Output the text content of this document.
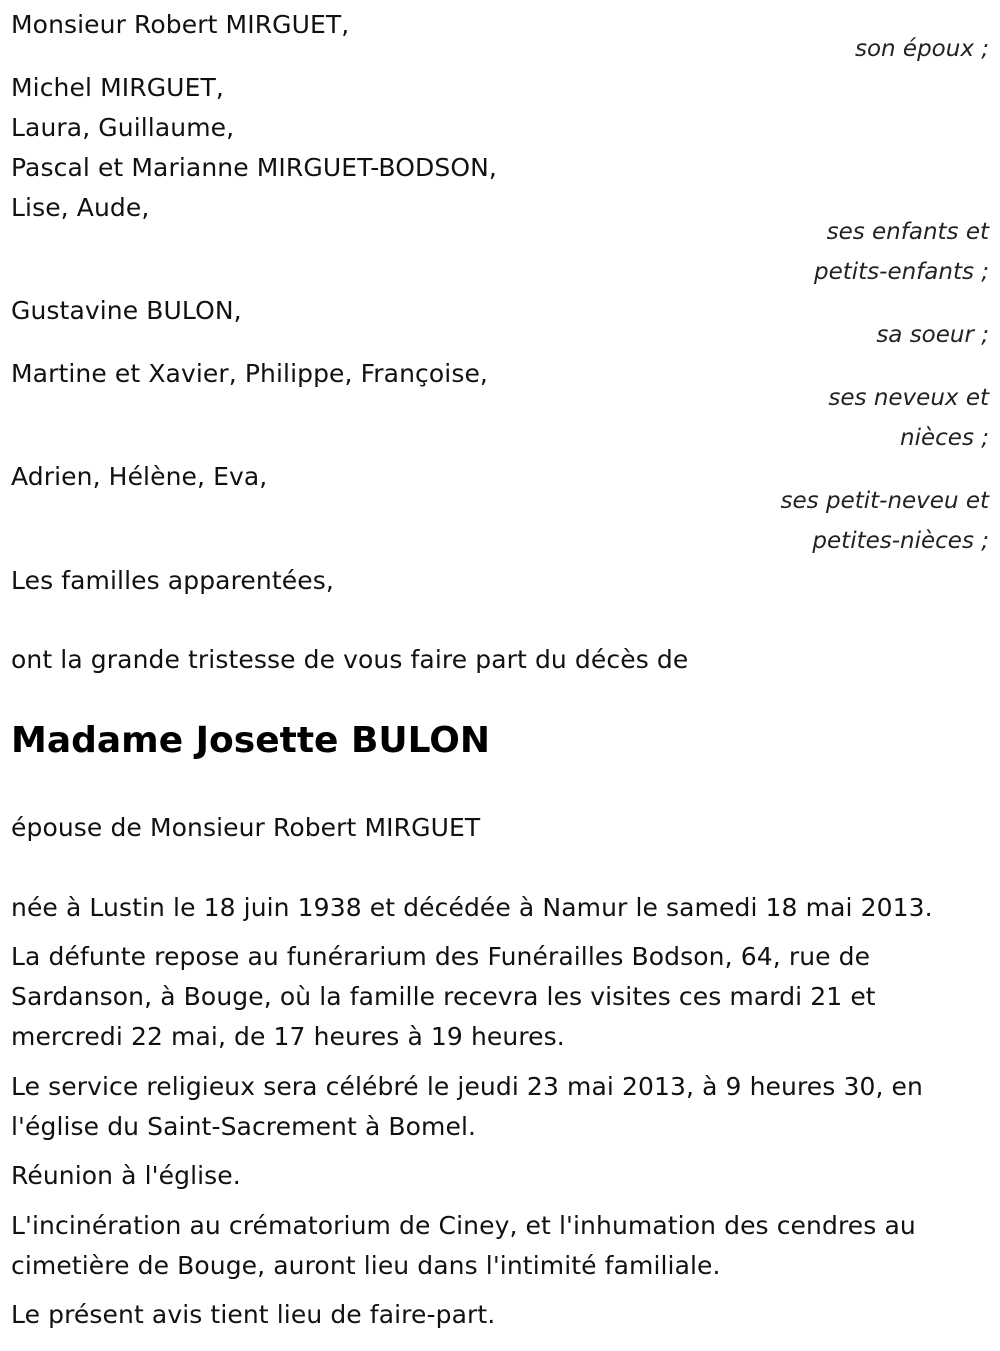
Monsieur Robert MIRGUET,
son époux ;
Michel MIRGUET,
Laura, Guillaume,
Pascal et Marianne MIRGUET-BODSON,
Lise, Aude,
ses enfants et
petits-enfants ;
Gustavine BULON,
sa soeur ;
Martine et Xavier, Philippe, Françoise,
ses neveux et
nièces ;
Adrien, Hélène, Eva,
ses petit-neveu et
petites-nièces ;
Les familles apparentées,
ont la grande tristesse de vous faire part du décès de
Madame Josette BULON
épouse de Monsieur Robert MIRGUET
née à Lustin le 18 juin 1938 et décédée à Namur le samedi 18 mai 2013.
La défunte repose au funérarium des Funérailles Bodson, 64, rue de
Sardanson, à Bouge, où la famille recevra les visites ces mardi 21 et
mercredi 22 mai, de 17 heures à 19 heures.
Le service religieux sera célébré le jeudi 23 mai 2013, à 9 heures 30, en
l'église du Saint-Sacrement à Bomel.
Réunion à l'église.
L'incinération au crématorium de Ciney, et l'inhumation des cendres au
cimetière de Bouge, auront lieu dans l'intimité familiale.
Le présent avis tient lieu de faire-part.
